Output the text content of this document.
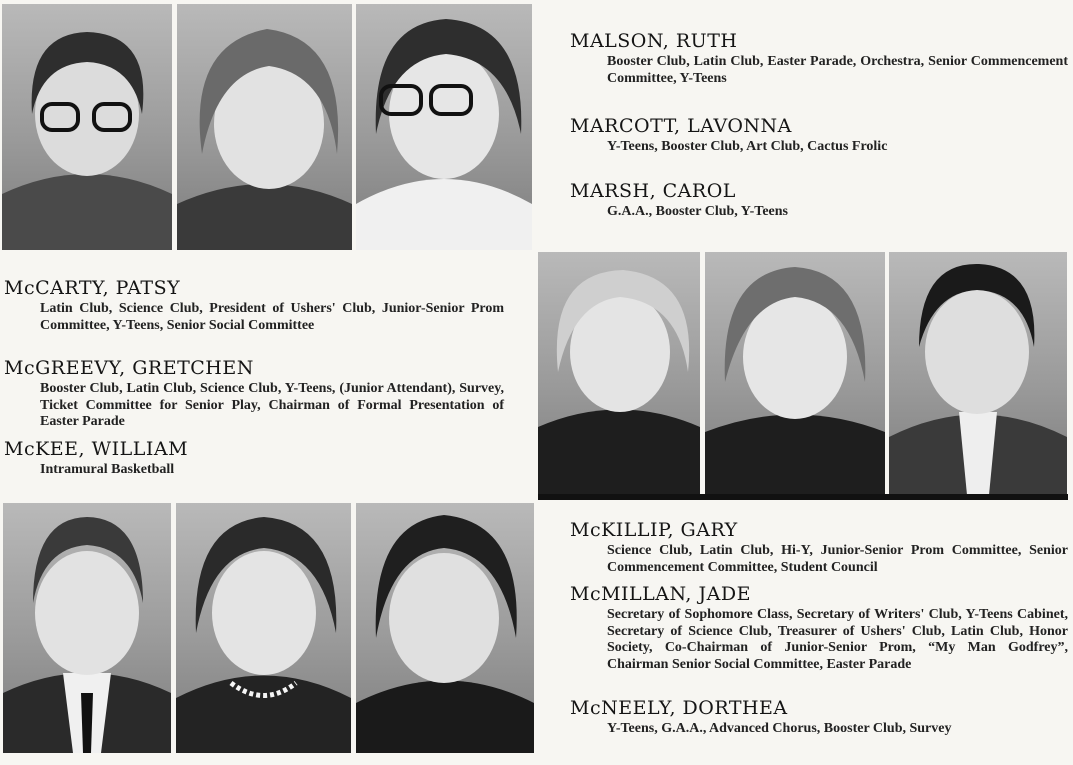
MALSON, RUTH
Booster Club, Latin Club, Easter Parade, Orchestra, Senior Commencement Committee, Y-Teens
MARCOTT, LAVONNA
Y-Teens, Booster Club, Art Club, Cactus Frolic
MARSH, CAROL
G.A.A., Booster Club, Y-Teens
McCARTY, PATSY
Latin Club, Science Club, President of Ushers' Club, Junior-Senior Prom Committee, Y-Teens, Senior Social Committee
McGREEVY, GRETCHEN
Booster Club, Latin Club, Science Club, Y-Teens, (Junior Attendant), Survey, Ticket Committee for Senior Play, Chairman of Formal Presentation of Easter Parade
McKEE, WILLIAM
Intramural Basketball
McKILLIP, GARY
Science Club, Latin Club, Hi-Y, Junior-Senior Prom Committee, Senior Commencement Committee, Student Council
McMILLAN, JADE
Secretary of Sophomore Class, Secretary of Writers' Club, Y-Teens Cabinet, Secretary of Science Club, Treasurer of Ushers' Club, Latin Club, Honor Society, Co-Chairman of Junior-Senior Prom, “My Man Godfrey”, Chairman Senior Social Committee, Easter Parade
McNEELY, DORTHEA
Y-Teens, G.A.A., Advanced Chorus, Booster Club, Survey
